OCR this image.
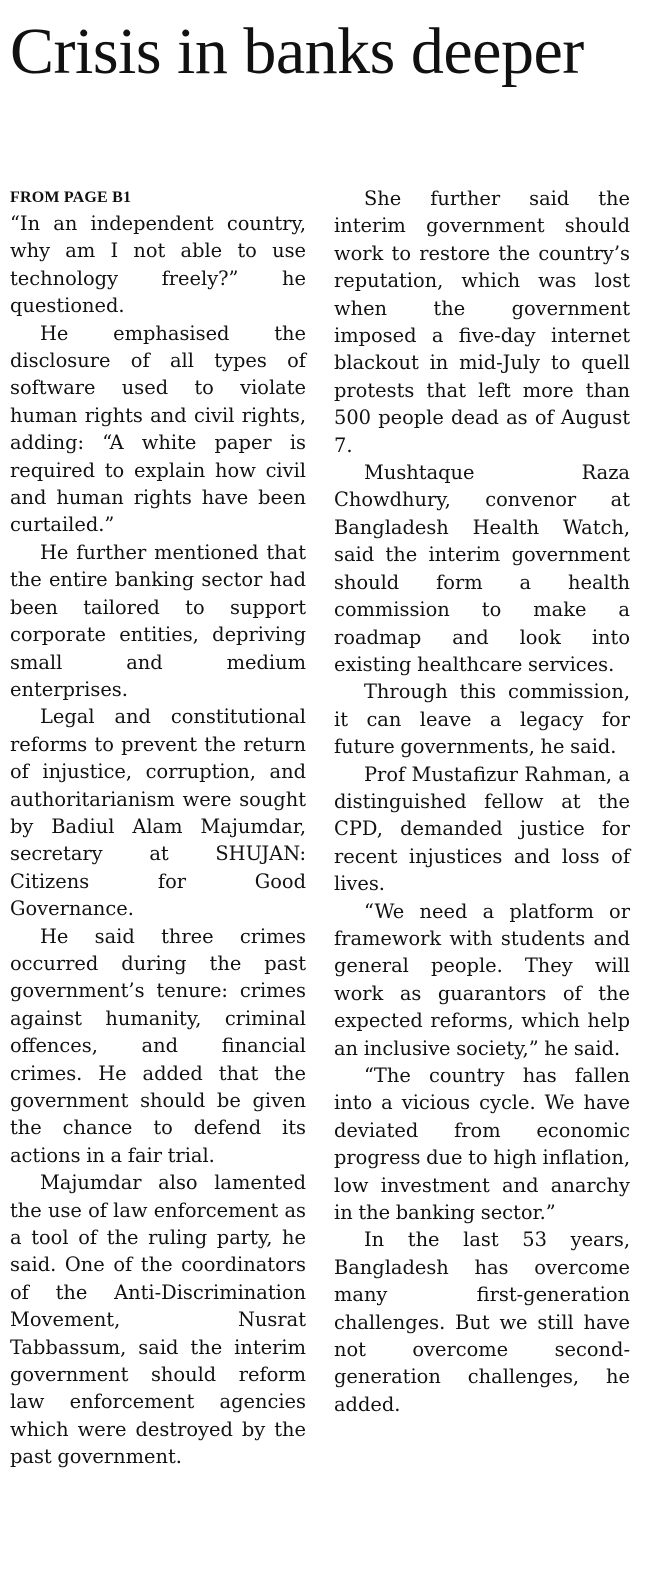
Crisis in banks deeper

FROM PAGE B1

“In an independent country, why am I not able to use technology freely?” he questioned.

He emphasised the disclosure of all types of software used to violate human rights and civil rights, adding: “A white paper is required to explain how civil and human rights have been curtailed.”

He further mentioned that the entire banking sector had been tailored to support corporate entities, depriving small and medium enterprises.

Legal and constitutional reforms to prevent the return of injustice, corruption, and authoritarianism were sought by Badiul Alam Majumdar, secretary at SHUJAN: Citizens for Good Governance.

He said three crimes occurred during the past government’s tenure: crimes against humanity, criminal offences, and financial crimes. He added that the government should be given the chance to defend its actions in a fair trial.

Majumdar also lamented the use of law enforcement as a tool of the ruling party, he said. One of the coordinators of the Anti-Discrimination Movement, Nusrat Tabbassum, said the interim government should reform law enforcement agencies which were destroyed by the past government.

She further said the interim government should work to restore the country’s reputation, which was lost when the government imposed a five-day internet blackout in mid-July to quell protests that left more than 500 people dead as of August 7.

Mushtaque Raza Chowdhury, convenor at Bangladesh Health Watch, said the interim government should form a health commission to make a roadmap and look into existing healthcare services.

Through this commission, it can leave a legacy for future governments, he said.

Prof Mustafizur Rahman, a distinguished fellow at the CPD, demanded justice for recent injustices and loss of lives.

“We need a platform or framework with students and general people. They will work as guarantors of the expected reforms, which help an inclusive society,” he said.

“The country has fallen into a vicious cycle. We have deviated from economic progress due to high inflation, low investment and anarchy in the banking sector.”

In the last 53 years, Bangladesh has overcome many first-generation challenges. But we still have not overcome second-generation challenges, he added.
